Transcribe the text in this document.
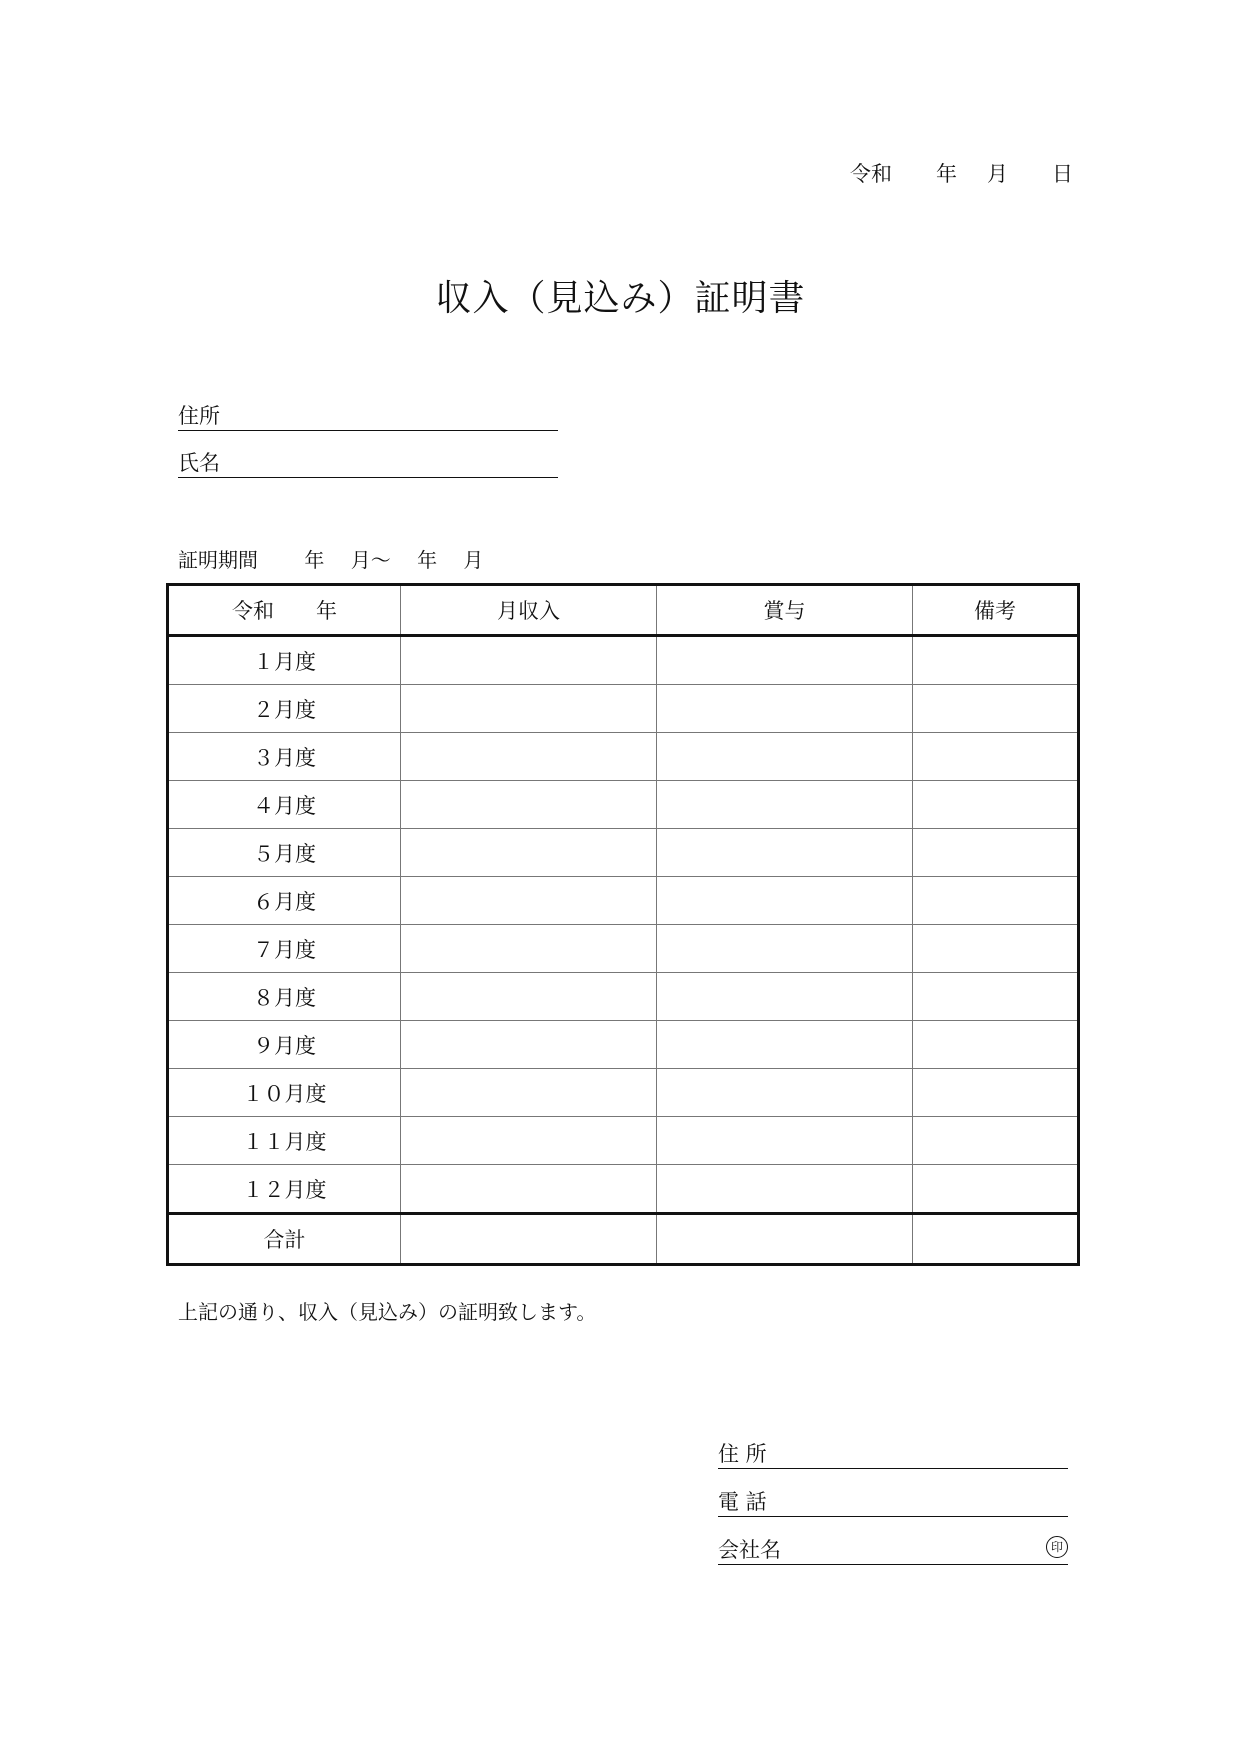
令和 年 月 日
収入（見込み）証明書
住所
氏名
証明期間 年　 月～　 年　 月
令和　　年	月収入	賞与	備考
１月度			
２月度			
３月度			
４月度			
５月度			
６月度			
７月度			
８月度			
９月度			
１０月度			
１１月度			
１２月度			
合計			
上記の通り、収入（見込み）の証明致します。
住 所
電 話
会社名	印
